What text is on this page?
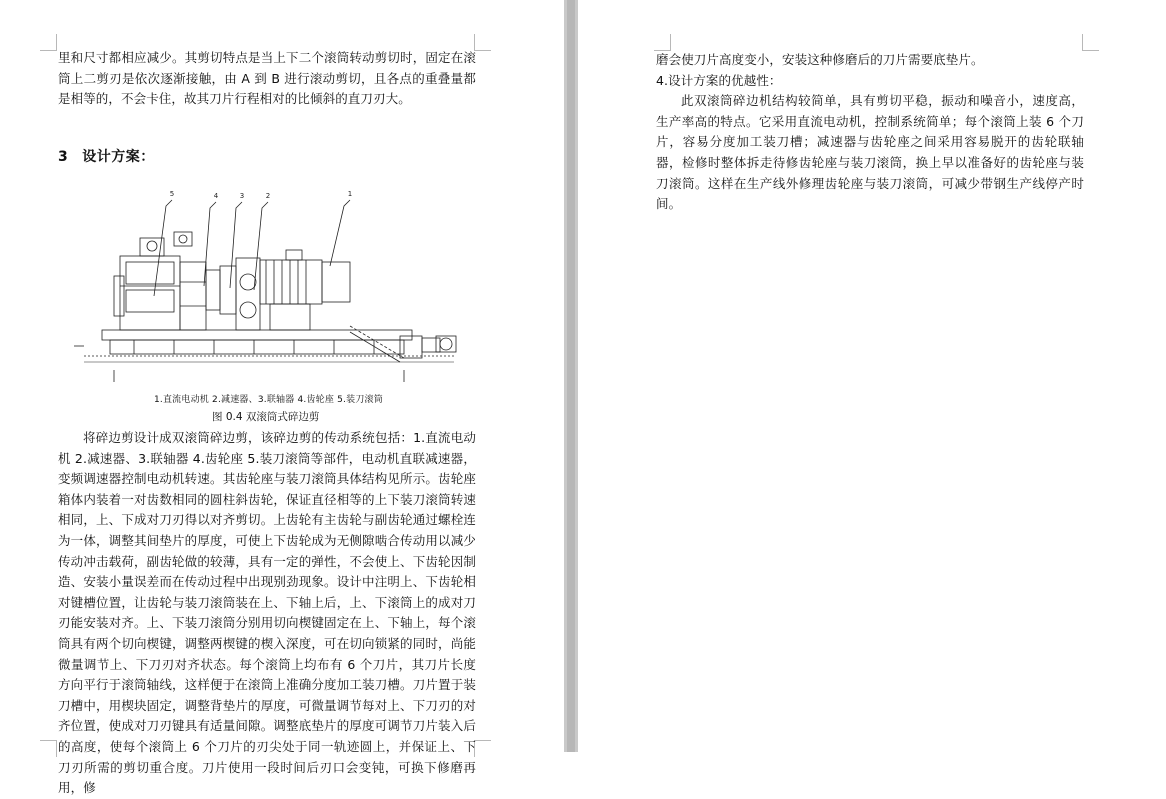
里和尺寸都相应减少。其剪切特点是当上下二个滚筒转动剪切时，固定在滚筒上二剪刃是依次逐渐接触，由 A 到 B 进行滚动剪切，且各点的重叠量都是相等的，不会卡住，故其刀片行程相对的比倾斜的直刀刃大。

3 设计方案：
5	4	3	2	1
1.直流电动机 2.减速器、3.联轴器 4.齿轮座 5.装刀滚筒
图 0.4 双滚筒式碎边剪

将碎边剪设计成双滚筒碎边剪，该碎边剪的传动系统包括：1.直流电动机 2.减速器、3.联轴器 4.齿轮座 5.装刀滚筒等部件，电动机直联减速器，变频调速器控制电动机转速。其齿轮座与装刀滚筒具体结构见所示。齿轮座箱体内装着一对齿数相同的圆柱斜齿轮，保证直径相等的上下装刀滚筒转速相同，上、下成对刀刃得以对齐剪切。上齿轮有主齿轮与副齿轮通过螺栓连为一体，调整其间垫片的厚度，可使上下齿轮成为无侧隙啮合传动用以减少传动冲击载荷，副齿轮做的较薄，具有一定的弹性，不会使上、下齿轮因制造、安装小量误差而在传动过程中出现别劲现象。设计中注明上、下齿轮相对键槽位置，让齿轮与装刀滚筒装在上、下轴上后，上、下滚筒上的成对刀刃能安装对齐。上、下装刀滚筒分别用切向楔键固定在上、下轴上，每个滚筒具有两个切向楔键，调整两楔键的楔入深度，可在切向锁紧的同时，尚能微量调节上、下刀刃对齐状态。每个滚筒上均布有 6 个刀片，其刀片长度方向平行于滚筒轴线，这样便于在滚筒上准确分度加工装刀槽。刀片置于装刀槽中，用楔块固定，调整背垫片的厚度，可微量调节每对上、下刀刃的对齐位置，使成对刀刃键具有适量间隙。调整底垫片的厚度可调节刀片装入后的高度，使每个滚筒上 6 个刀片的刃尖处于同一轨迹圆上，并保证上、下刀刃所需的剪切重合度。刀片使用一段时间后刃口会变钝，可换下修磨再用，修

磨会使刀片高度变小，安装这种修磨后的刀片需要底垫片。

4.设计方案的优越性：

此双滚筒碎边机结构较简单，具有剪切平稳，振动和噪音小，速度高，生产率高的特点。它采用直流电动机，控制系统简单；每个滚筒上装 6 个刀片，容易分度加工装刀槽；减速器与齿轮座之间采用容易脱开的齿轮联轴器，检修时整体拆走待修齿轮座与装刀滚筒，换上早以准备好的齿轮座与装刀滚筒。这样在生产线外修理齿轮座与装刀滚筒，可减少带钢生产线停产时间。
